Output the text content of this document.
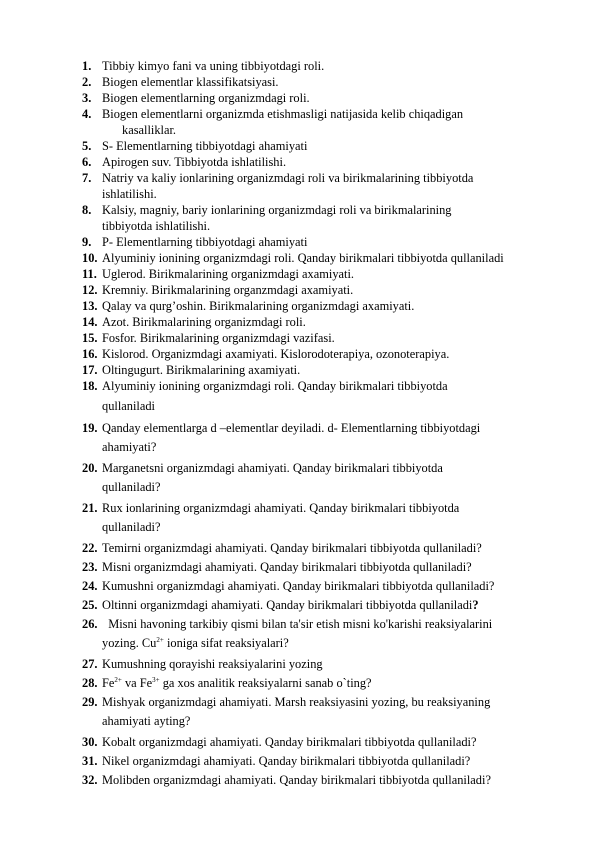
1. Tibbiy kimyo fani va uning tibbiyotdagi roli.
2. Biogen elementlar klassifikatsiyasi.
3. Biogen elementlarning organizmdagi roli.
4. Biogen elementlarni organizmda etishmasligi natijasida kelib chiqadigan
kasalliklar.
5. S- Elementlarning tibbiyotdagi ahamiyati
6. Apirogen suv. Tibbiyotda ishlatilishi.
7. Natriy va kaliy ionlarining organizmdagi roli va birikmalarining tibbiyotda
ishlatilishi.
8. Kalsiy, magniy, bariy ionlarining organizmdagi roli va birikmalarining
tibbiyotda ishlatilishi.
9. P- Elementlarning tibbiyotdagi ahamiyati
10. Alyuminiy ionining organizmdagi roli. Qanday birikmalari tibbiyotda qullaniladi
11. Uglerod. Birikmalarining organizmdagi axamiyati.
12. Kremniy. Birikmalarining organzmdagi axamiyati.
13. Qalay va qurg’oshin. Birikmalarining organizmdagi axamiyati.
14. Azot. Birikmalarining organizmdagi roli.
15. Fosfor. Birikmalarining organizmdagi vazifasi.
16. Kislorod. Organizmdagi axamiyati. Kislorodoterapiya, ozonoterapiya.
17. Oltingugurt. Birikmalarining axamiyati.
18. Alyuminiy ionining organizmdagi roli. Qanday birikmalari tibbiyotda
qullaniladi
19. Qanday elementlarga d –elementlar deyiladi. d- Elementlarning tibbiyotdagi
ahamiyati?
20. Marganetsni organizmdagi ahamiyati. Qanday birikmalari tibbiyotda
qullaniladi?
21. Rux ionlarining organizmdagi ahamiyati. Qanday birikmalari tibbiyotda
qullaniladi?
22. Temirni organizmdagi ahamiyati. Qanday birikmalari tibbiyotda qullaniladi?
23. Misni organizmdagi ahamiyati. Qanday birikmalari tibbiyotda qullaniladi?
24. Kumushni organizmdagi ahamiyati. Qanday birikmalari tibbiyotda qullaniladi?
25. Oltinni organizmdagi ahamiyati. Qanday birikmalari tibbiyotda qullaniladi?
26. Misni havoning tarkibiy qismi bilan ta'sir etish misni ko'karishi reaksiyalarini
yozing. $Cu^{2+}$ ioniga sifat reaksiyalari?
27. Kumushning qorayishi reaksiyalarini yozing
28. $Fe^{2+}$ va $Fe^{3+}$ ga xos analitik reaksiyalarni sanab o`ting?
29. Mishyak organizmdagi ahamiyati. Marsh reaksiyasini yozing, bu reaksiyaning
ahamiyati ayting?
30. Kobalt organizmdagi ahamiyati. Qanday birikmalari tibbiyotda qullaniladi?
31. Nikel organizmdagi ahamiyati. Qanday birikmalari tibbiyotda qullaniladi?
32. Molibden organizmdagi ahamiyati. Qanday birikmalari tibbiyotda qullaniladi?
